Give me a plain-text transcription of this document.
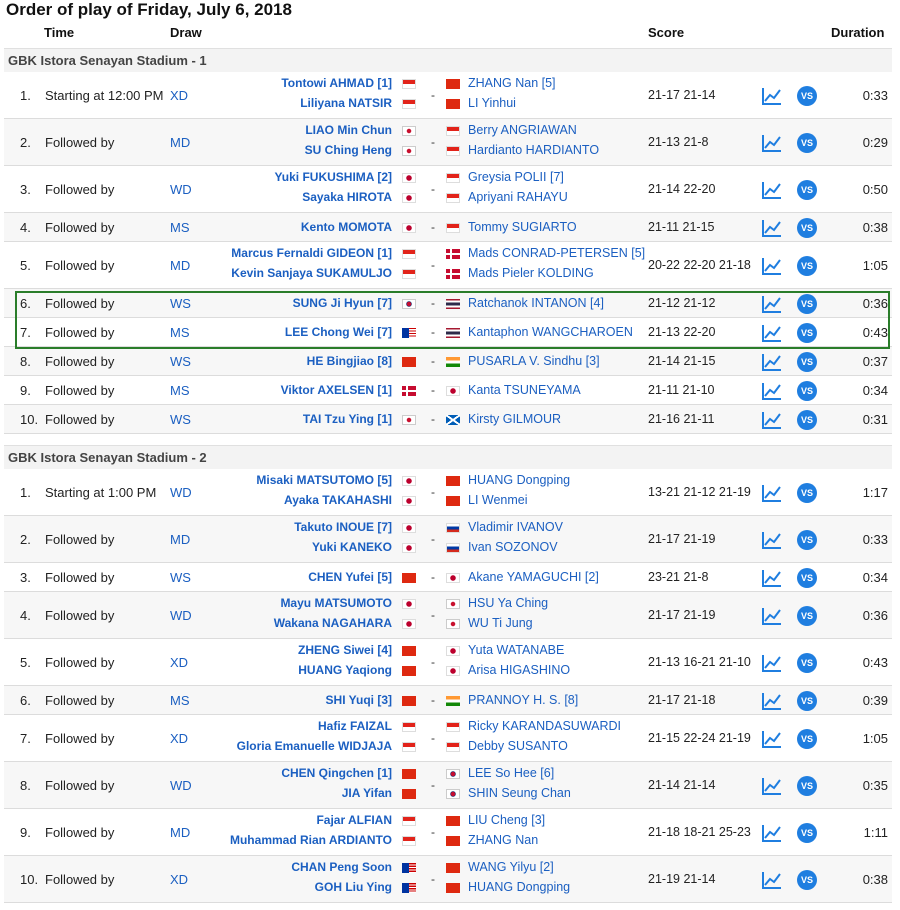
Order of play of Friday, July 6, 2018
Time	Draw	Score	Duration
GBK Istora Senayan Stadium - 1
1. Starting at 12:00 PM XD
Tontowi AHMAD [1]
Liliyana NATSIR
-
ZHANG Nan [5]
LI Yinhui
21-17 21-14	VS	0:33
2. Followed by	MD
LIAO Min Chun
SU Ching Heng
-
Berry ANGRIAWAN
Hardianto HARDIANTO
21-13 21-8	VS	0:29
3. Followed by	WD
Yuki FUKUSHIMA [2]
Sayaka HIROTA
-
Greysia POLII [7]
Apriyani RAHAYU
21-14 22-20	VS	0:50
4. Followed by	MS	Kento MOMOTA	-	Tommy SUGIARTO	21-11 21-15	VS	0:38
5. Followed by	MD
Marcus Fernaldi GIDEON [1]
Kevin Sanjaya SUKAMULJO
-
Mads CONRAD-PETERSEN [5]
Mads Pieler KOLDING
20-22 22-20 21-18	VS	1:05
6. Followed by	WS	SUNG Ji Hyun [7]	-	Ratchanok INTANON [4]	21-12 21-12	VS	0:36
7. Followed by	MS	LEE Chong Wei [7]	-	Kantaphon WANGCHAROEN 21-13 22-20	VS	0:43
8. Followed by	WS	HE Bingjiao [8]	-	PUSARLA V. Sindhu [3]	21-14 21-15	VS	0:37
9. Followed by	MS	Viktor AXELSEN [1]	-	Kanta TSUNEYAMA	21-11 21-10	VS	0:34
10. Followed by	WS	TAI Tzu Ying [1]	-	Kirsty GILMOUR	21-16 21-11	VS	0:31
GBK Istora Senayan Stadium - 2
1. Starting at 1:00 PM WD
Misaki MATSUTOMO [5]
Ayaka TAKAHASHI
-
HUANG Dongping
LI Wenmei
13-21 21-12 21-19	VS	1:17
2. Followed by	MD
Takuto INOUE [7]
Yuki KANEKO
-
Vladimir IVANOV
Ivan SOZONOV
21-17 21-19	VS	0:33
3. Followed by	WS	CHEN Yufei [5]	-	Akane YAMAGUCHI [2]	23-21 21-8	VS	0:34
4. Followed by	WD
Mayu MATSUMOTO
Wakana NAGAHARA
-
HSU Ya Ching
WU Ti Jung
21-17 21-19	VS	0:36
5. Followed by	XD
ZHENG Siwei [4]
HUANG Yaqiong
-
Yuta WATANABE
Arisa HIGASHINO
21-13 16-21 21-10	VS	0:43
6. Followed by	MS	SHI Yuqi [3]	-	PRANNOY H. S. [8]	21-17 21-18	VS	0:39
7. Followed by	XD
Hafiz FAIZAL
Gloria Emanuelle WIDJAJA
-
Ricky KARANDASUWARDI
Debby SUSANTO
21-15 22-24 21-19	VS	1:05
8. Followed by	WD
CHEN Qingchen [1]
JIA Yifan
-
LEE So Hee [6]
SHIN Seung Chan
21-14 21-14	VS	0:35
9. Followed by	MD
Fajar ALFIAN
Muhammad Rian ARDIANTO
-
LIU Cheng [3]
ZHANG Nan
21-18 18-21 25-23	VS	1:11
10. Followed by	XD
CHAN Peng Soon
GOH Liu Ying
-
WANG Yilyu [2]
HUANG Dongping
21-19 21-14	VS	0:38
